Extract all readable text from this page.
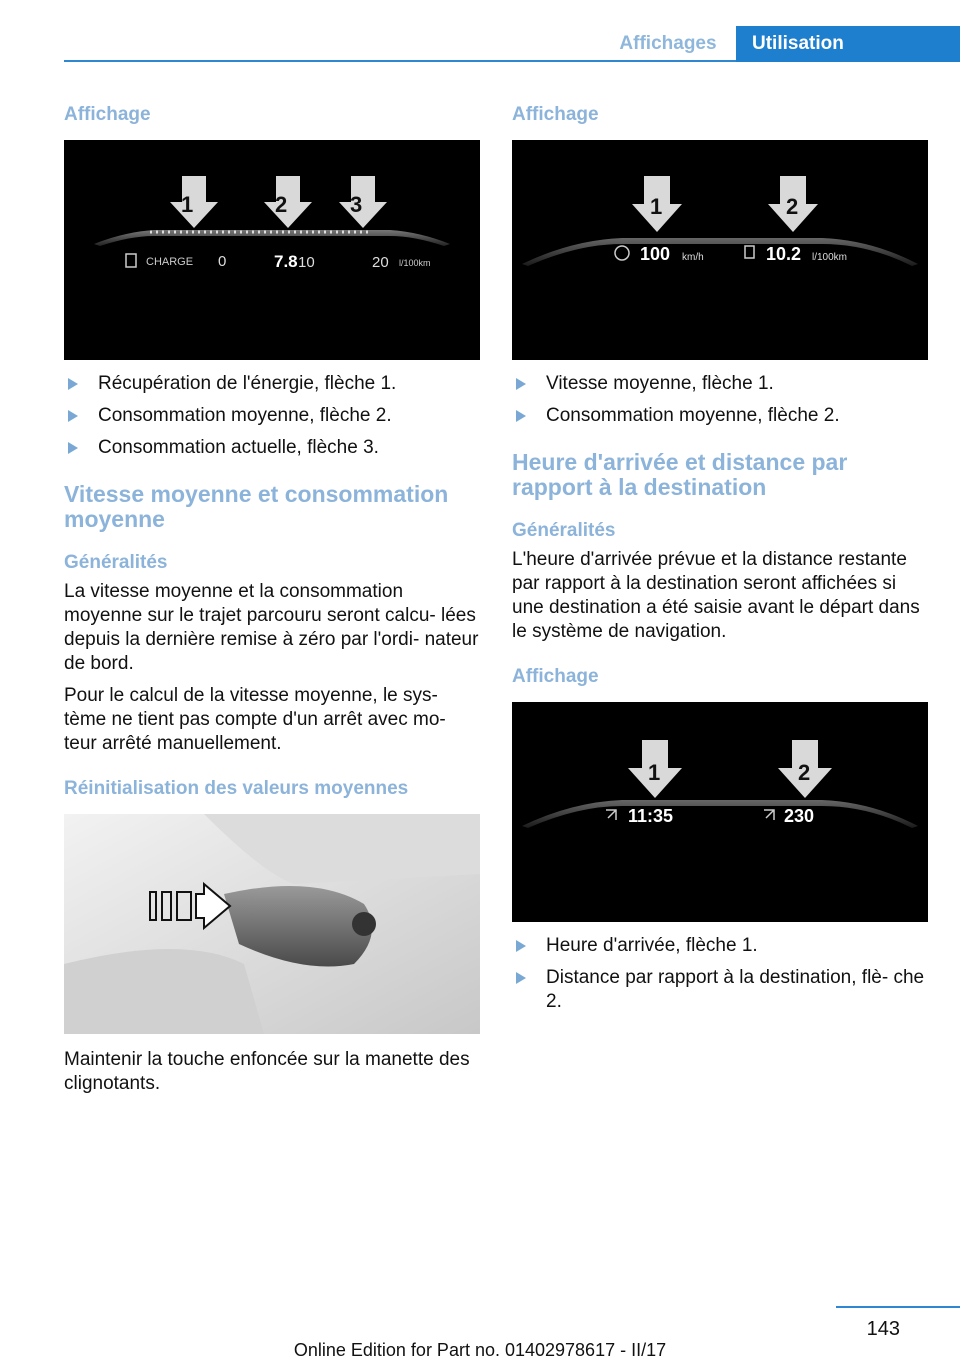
Affichages	Utilisation
Affichage
1	2	3
CHARGE 0	7.8 10	20 l/100km
Récupération de l'énergie, flèche 1.
Consommation moyenne, flèche 2.
Consommation actuelle, flèche 3.
Vitesse moyenne et consommation moyenne
Généralités

La vitesse moyenne et la consommation moyenne sur le trajet parcouru seront calcu- lées depuis la dernière remise à zéro par l'ordi- nateur de bord.

Pour le calcul de la vitesse moyenne, le sys- tème ne tient pas compte d'un arrêt avec mo- teur arrêté manuellement.

Réinitialisation des valeurs moyennes

Maintenir la touche enfoncée sur la manette des clignotants.

Affichage
1	2
100 km/h	10.2 l/100km
Vitesse moyenne, flèche 1.
Consommation moyenne, flèche 2.
Heure d'arrivée et distance par rapport à la destination
Généralités

L'heure d'arrivée prévue et la distance restante par rapport à la destination seront affichées si une destination a été saisie avant le départ dans le système de navigation.

Affichage
1	2
11:35	230
Heure d'arrivée, flèche 1.
Distance par rapport à la destination, flè- che 2.
143
Online Edition for Part no. 01402978617 - II/17
